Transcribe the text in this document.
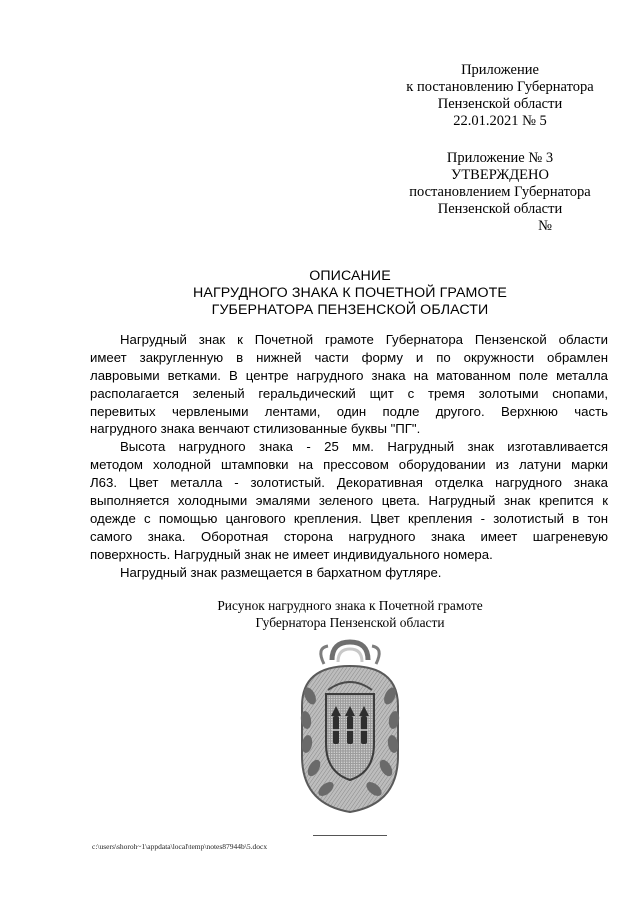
Приложение
к постановлению Губернатора
Пензенской области
22.01.2021 № 5
Приложение № 3
УТВЕРЖДЕНО
постановлением Губернатора
Пензенской области
№
ОПИСАНИЕ
НАГРУДНОГО ЗНАКА К ПОЧЕТНОЙ ГРАМОТЕ
ГУБЕРНАТОРА ПЕНЗЕНСКОЙ ОБЛАСТИ
Нагрудный знак к Почетной грамоте Губернатора Пензенской области
имеет закругленную в нижней части форму и по окружности обрамлен
лавровыми ветками. В центре нагрудного знака на матованном поле металла
располагается зеленый геральдический щит с тремя золотыми снопами,
перевитых червлеными лентами, один подле другого. Верхнюю часть
нагрудного знака венчают стилизованные буквы "ПГ".
Высота нагрудного знака - 25 мм. Нагрудный знак изготавливается
методом холодной штамповки на прессовом оборудовании из латуни марки
Л63. Цвет металла - золотистый. Декоративная отделка нагрудного знака
выполняется холодными эмалями зеленого цвета. Нагрудный знак крепится к
одежде с помощью цангового крепления. Цвет крепления - золотистый в тон
самого знака. Оборотная сторона нагрудного знака имеет шагреневую
поверхность. Нагрудный знак не имеет индивидуального номера.
Нагрудный знак размещается в бархатном футляре.
Рисунок нагрудного знака к Почетной грамоте
Губернатора Пензенской области
c:\users\shoroh~1\appdata\local\temp\notes87944b\5.docx
